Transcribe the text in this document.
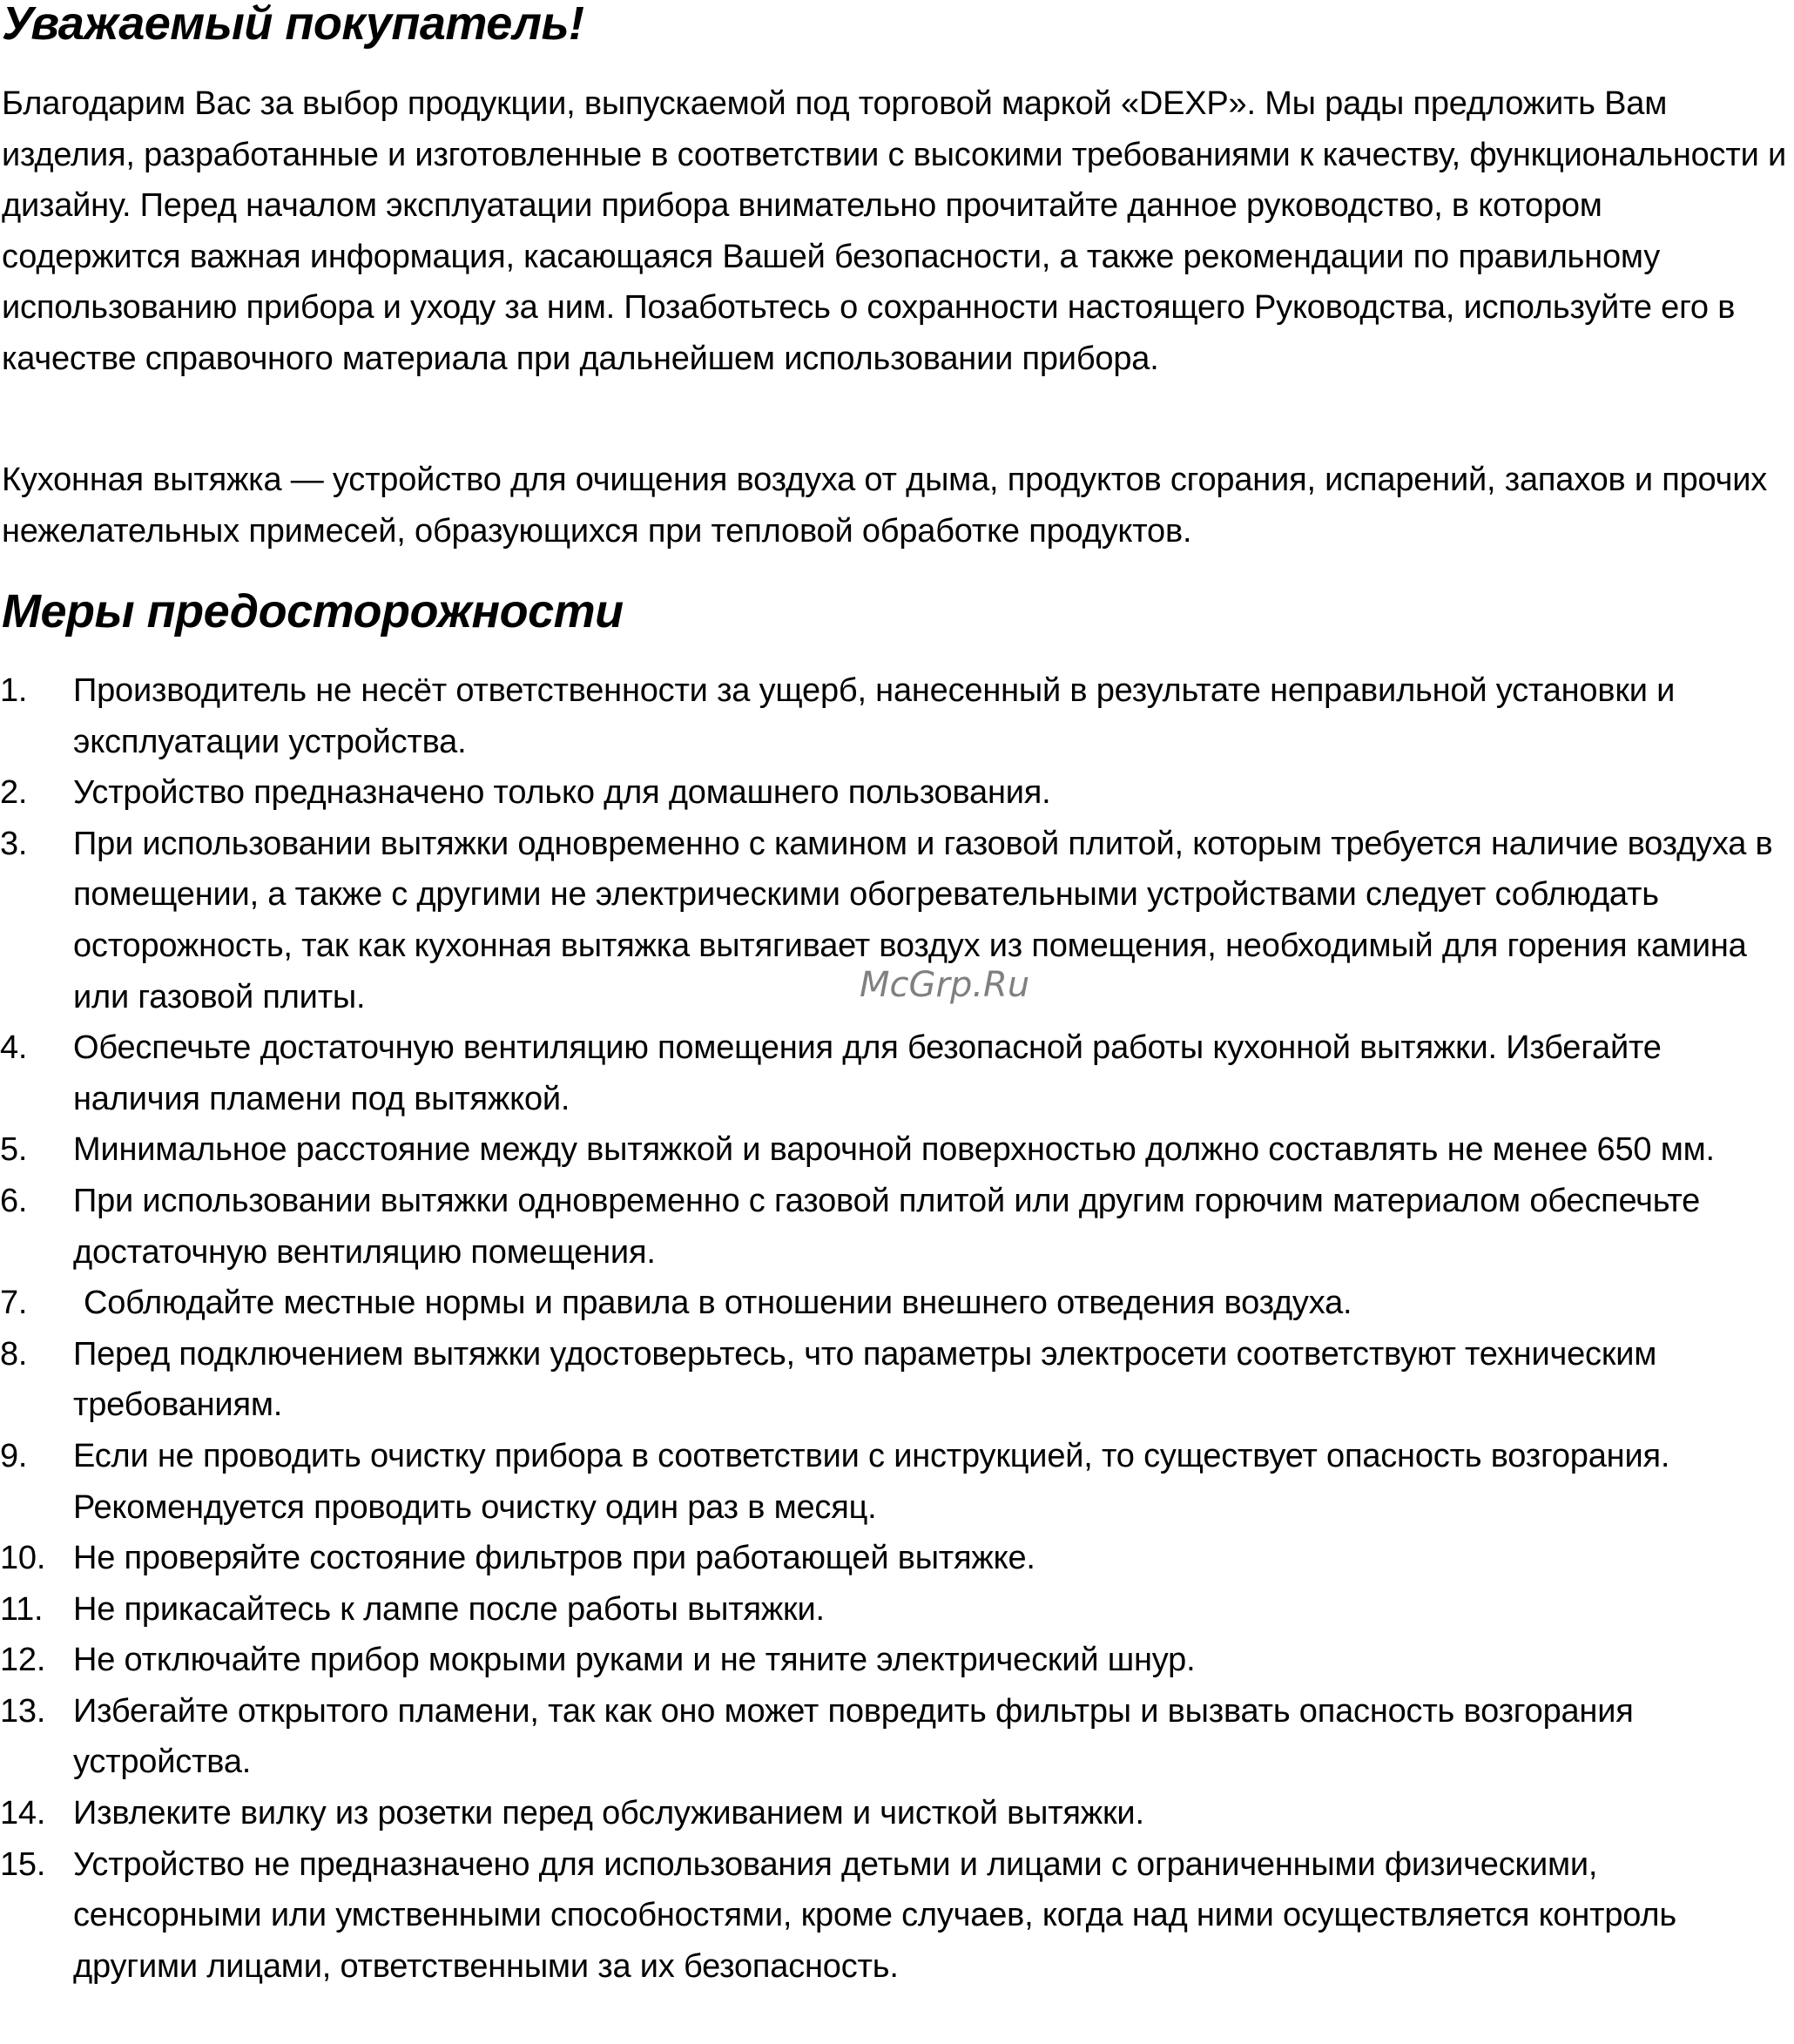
Уважаемый покупатель!

Благодарим Вас за выбор продукции, выпускаемой под торговой маркой «DEXP». Мы рады предложить Вам изделия, разработанные и изготовленные в соответствии с высокими требованиями к качеству, функциональности и дизайну. Перед началом эксплуатации прибора внимательно прочитайте данное руководство, в котором содержится важная информация, касающаяся Вашей безопасности, а также рекомендации по правильному использованию прибора и уходу за ним. Позаботьтесь о сохранности настоящего Руководства, используйте его в качестве справочного материала при дальнейшем использовании прибора.

Кухонная вытяжка — устройство для очищения воздуха от дыма, продуктов сгорания, испарений, запахов и прочих нежелательных примесей, образующихся при тепловой обработке продуктов.

Меры предосторожности
1. Производитель не несёт ответственности за ущерб, нанесенный в результате неправильной установки и эксплуатации устройства.
2. Устройство предназначено только для домашнего пользования.
3. При использовании вытяжки одновременно с камином и газовой плитой, которым требуется наличие воздуха в помещении, а также с другими не электрическими обогревательными устройствами следует соблюдать осторожность, так как кухонная вытяжка вытягивает воздух из помещения, необходимый для горения камина или газовой плиты.
4. Обеспечьте достаточную вентиляцию помещения для безопасной работы кухонной вытяжки. Избегайте наличия пламени под вытяжкой.
5. Минимальное расстояние между вытяжкой и варочной поверхностью должно составлять не менее 650 мм.
6. При использовании вытяжки одновременно с газовой плитой или другим горючим материалом обеспечьте достаточную вентиляцию помещения.
7. Соблюдайте местные нормы и правила в отношении внешнего отведения воздуха.
8. Перед подключением вытяжки удостоверьтесь, что параметры электросети соответствуют техническим требованиям.
9. Если не проводить очистку прибора в соответствии с инструкцией, то существует опасность возгорания. Рекомендуется проводить очистку один раз в месяц.
10. Не проверяйте состояние фильтров при работающей вытяжке.
11. Не прикасайтесь к лампе после работы вытяжки.
12. Не отключайте прибор мокрыми руками и не тяните электрический шнур.
13. Избегайте открытого пламени, так как оно может повредить фильтры и вызвать опасность возгорания устройства.
14. Извлеките вилку из розетки перед обслуживанием и чисткой вытяжки.
15. Устройство не предназначено для использования детьми и лицами с ограниченными физическими, сенсорными или умственными способностями, кроме случаев, когда над ними осуществляется контроль другими лицами, ответственными за их безопасность.
McGrp.Ru
